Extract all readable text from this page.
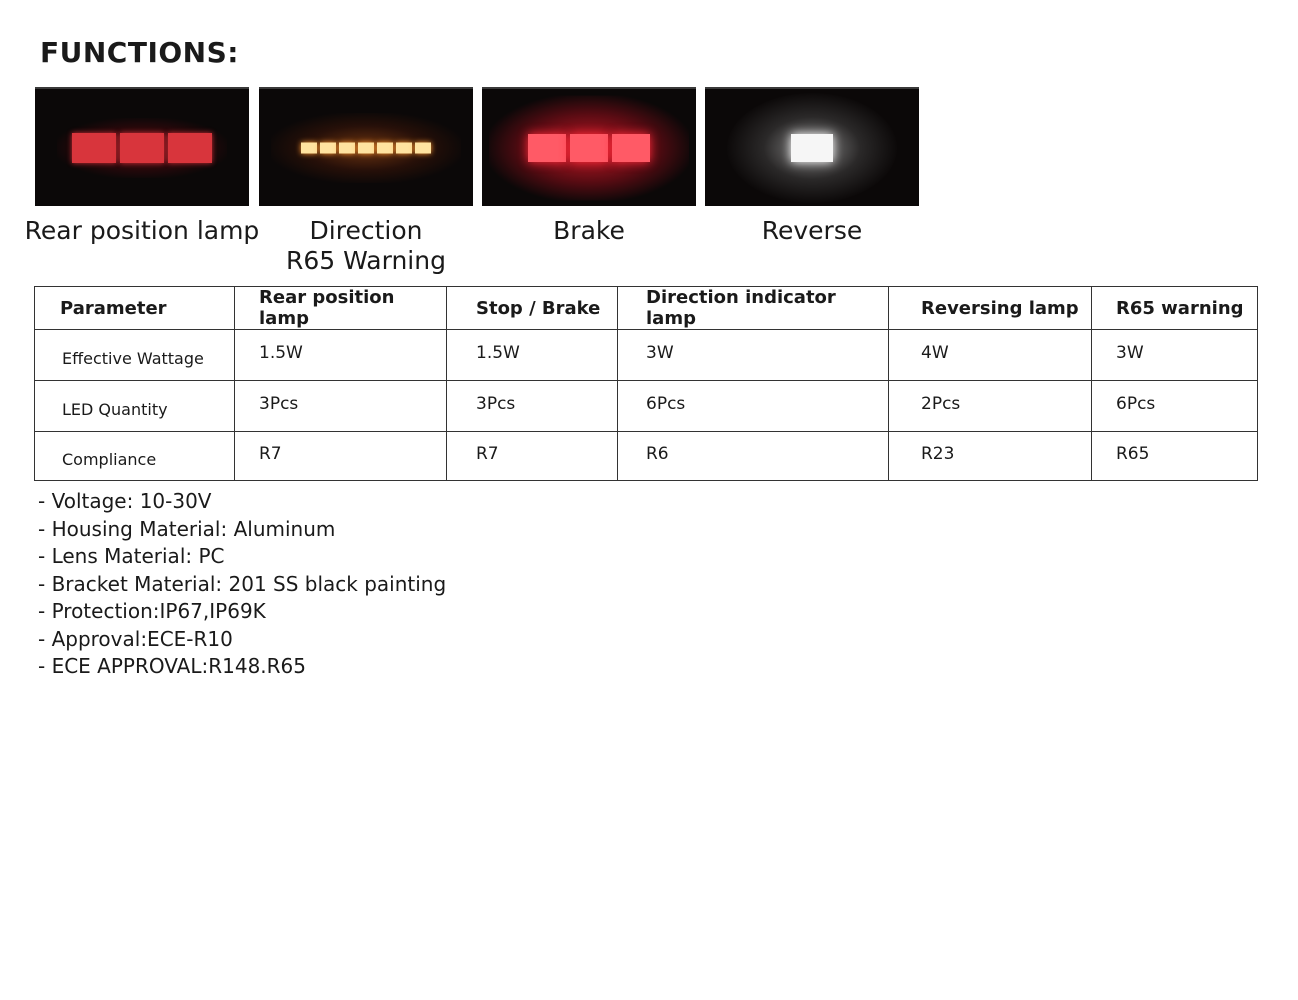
FUNCTIONS:
Rear position lamp	Direction
R65 Warning
Brake	Reverse
Parameter	Rear position lamp	Stop / Brake	Direction indicator lamp	Reversing lamp	R65 warning
Effective Wattage	1.5W	1.5W	3W	4W	3W
LED Quantity	3Pcs	3Pcs	6Pcs	2Pcs	6Pcs
Compliance	R7	R7	R6	R23	R65
- Voltage: 10-30V
- Housing Material: Aluminum
- Lens Material: PC
- Bracket Material: 201 SS black painting
- Protection:IP67,IP69K
- Approval:ECE-R10
- ECE APPROVAL:R148.R65
